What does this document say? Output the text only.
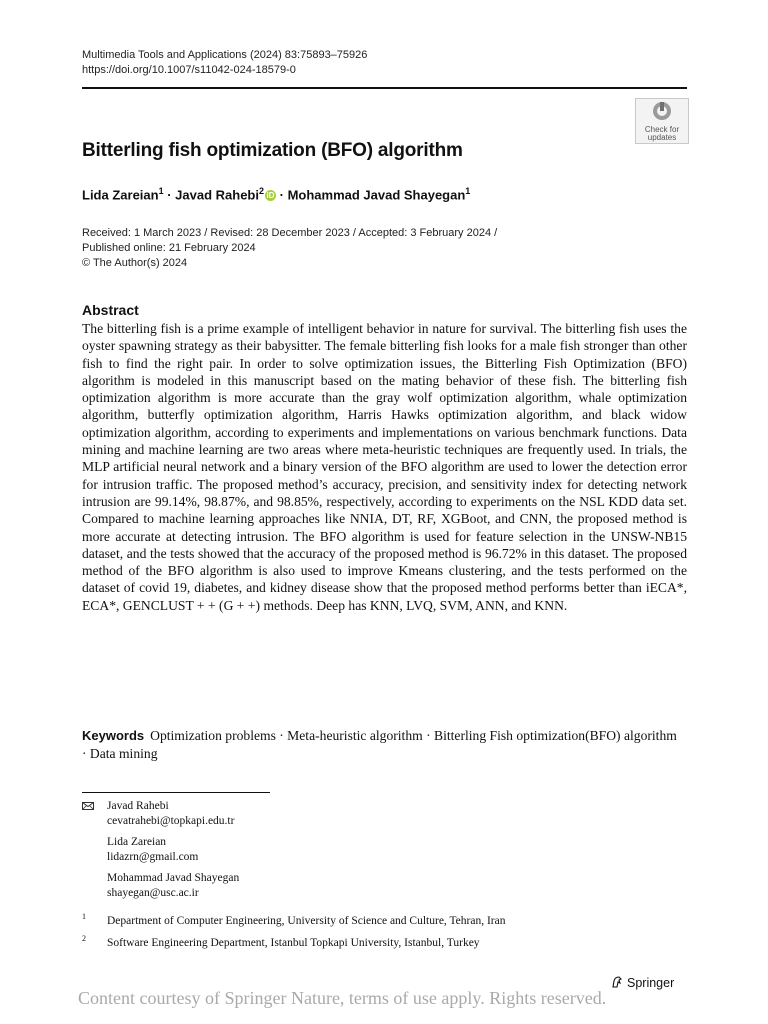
Multimedia Tools and Applications (2024) 83:75893–75926
https://doi.org/10.1007/s11042-024-18579-0
Check for
updates
Bitterling fish optimization (BFO) algorithm
Lida Zareian$^1$ · Javad Rahebi$^2$ iD · Mohammad Javad Shayegan$^1$
Received: 1 March 2023 / Revised: 28 December 2023 / Accepted: 3 February 2024 /
Published online: 21 February 2024
© The Author(s) 2024
Abstract
The bitterling fish is a prime example of intelligent behavior in nature for survival. The bitterling fish uses the oyster spawning strategy as their babysitter. The female bitterling fish looks for a male fish stronger than other fish to find the right pair. In order to solve optimization issues, the Bitterling Fish Optimization (BFO) algorithm is modeled in this manuscript based on the mating behavior of these fish. The bitterling fish optimization algorithm is more accurate than the gray wolf optimization algorithm, whale optimization algorithm, butterfly optimization algorithm, Harris Hawks optimization algorithm, and black widow optimization algorithm, according to experiments and implementations on various benchmark functions. Data mining and machine learning are two areas where meta-heuristic techniques are frequently used. In trials, the MLP artificial neural network and a binary version of the BFO algorithm are used to lower the detection error for intrusion traffic. The proposed method’s accuracy, precision, and sensitivity index for detecting network intrusion are 99.14%, 98.87%, and 98.85%, respectively, according to experiments on the NSL KDD data set. Compared to machine learning approaches like NNIA, DT, RF, XGBoot, and CNN, the proposed method is more accurate at detecting intrusion. The BFO algorithm is used for feature selection in the UNSW-NB15 dataset, and the tests showed that the accuracy of the proposed method is 96.72% in this dataset. The proposed method of the BFO algorithm is also used to improve Kmeans clustering, and the tests performed on the dataset of covid 19, diabetes, and kidney disease show that the proposed method performs better than iECA*, ECA*, GENCLUST + + (G + +) methods. Deep has KNN, LVQ, SVM, ANN, and KNN.
Keywords Optimization problems · Meta-heuristic algorithm · Bitterling Fish optimization(BFO) algorithm · Data mining
Javad Rahebi
cevatrahebi@topkapi.edu.tr
Lida Zareian
lidazrn@gmail.com
Mohammad Javad Shayegan
shayegan@usc.ac.ir
1 Department of Computer Engineering, University of Science and Culture, Tehran, Iran
2 Software Engineering Department, Istanbul Topkapi University, Istanbul, Turkey
Springer
Content courtesy of Springer Nature, terms of use apply. Rights reserved.
